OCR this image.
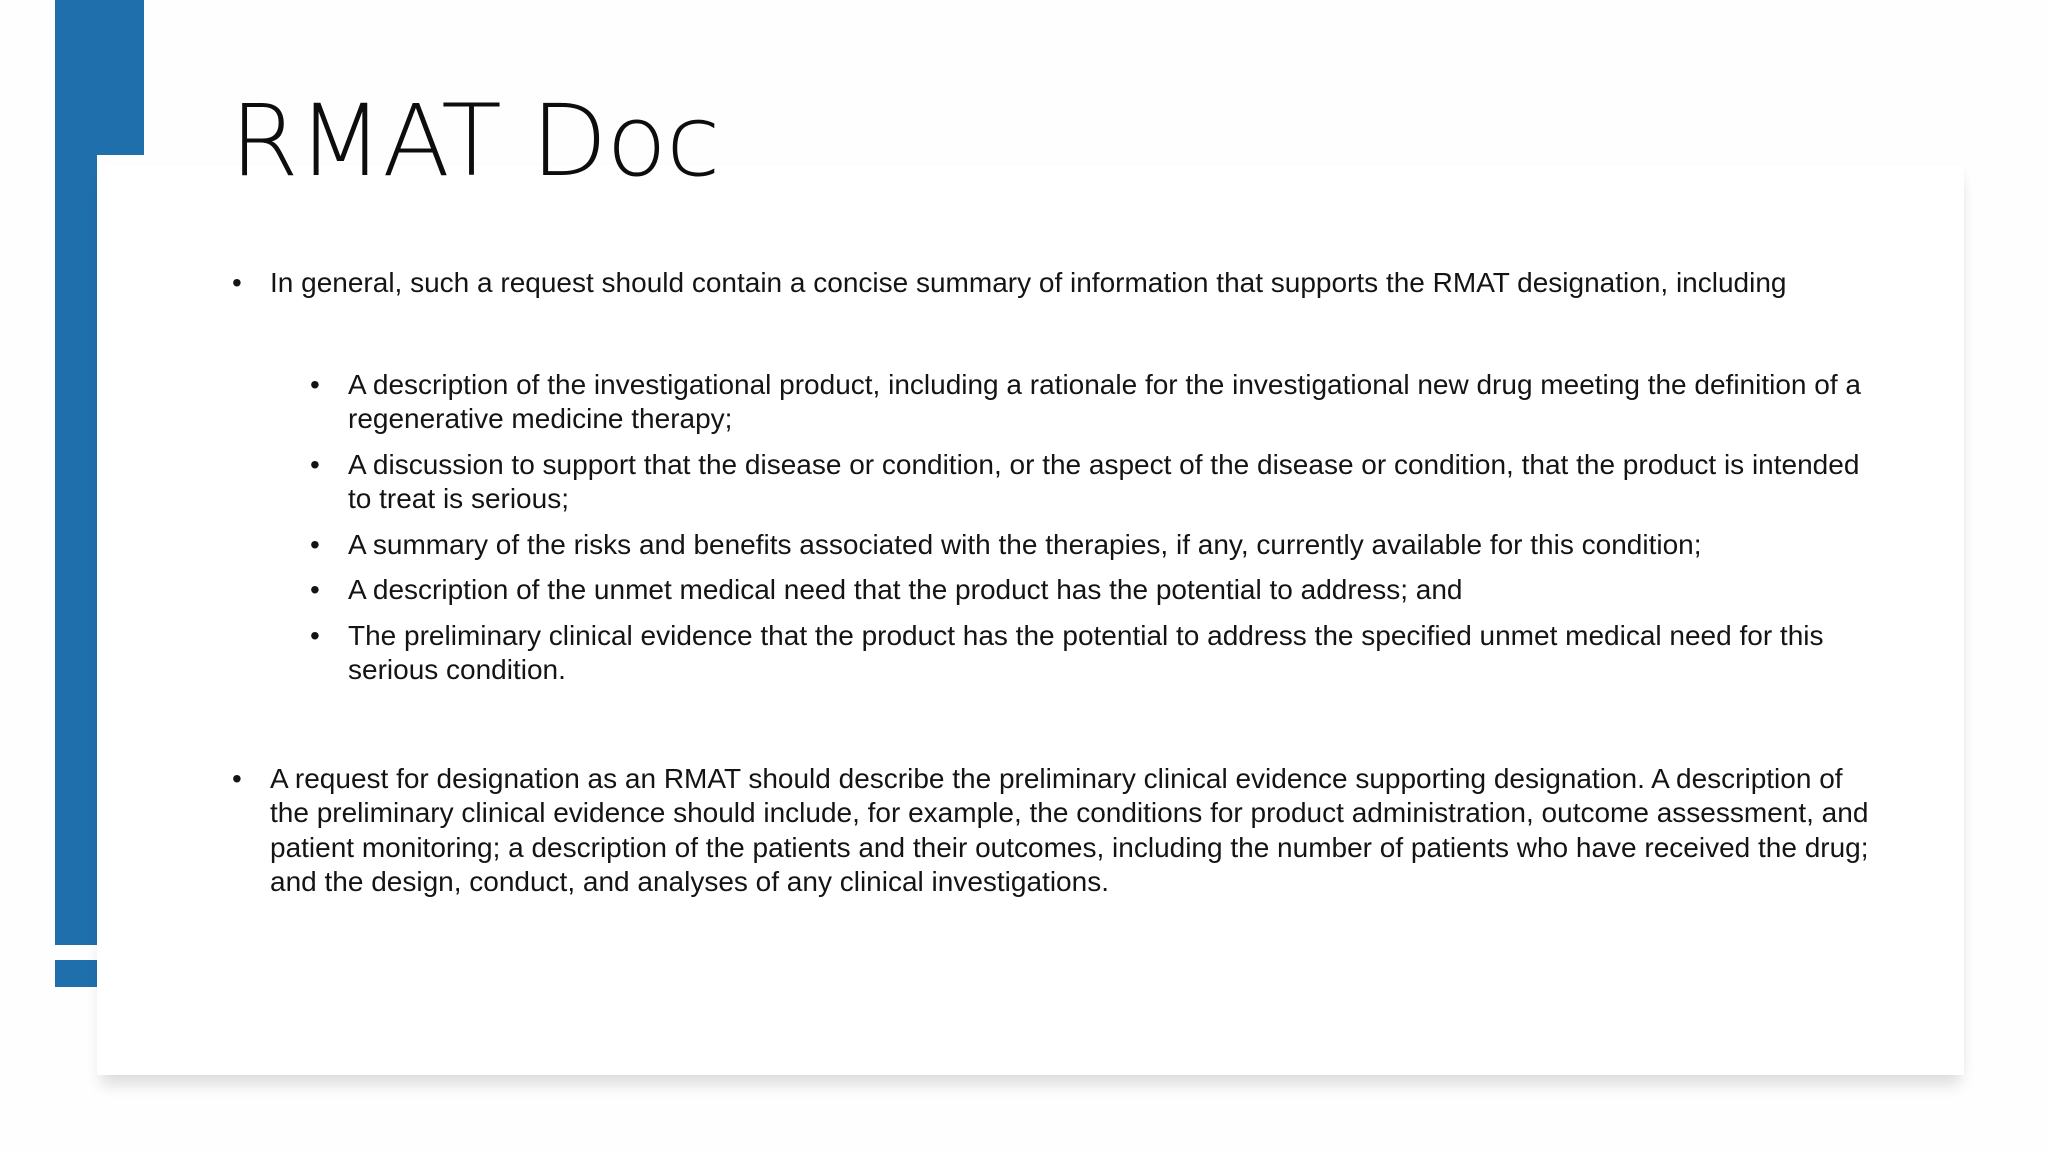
RMAT Doc
• In general, such a request should contain a concise summary of information that supports the RMAT designation, including
• A description of the investigational product, including a rationale for the investigational new drug meeting the definition of a regenerative medicine therapy;
• A discussion to support that the disease or condition, or the aspect of the disease or condition, that the product is intended to treat is serious;
• A summary of the risks and benefits associated with the therapies, if any, currently available for this condition;
• A description of the unmet medical need that the product has the potential to address; and
• The preliminary clinical evidence that the product has the potential to address the specified unmet medical need for this serious condition.
• A request for designation as an RMAT should describe the preliminary clinical evidence supporting designation. A description of the preliminary clinical evidence should include, for example, the conditions for product administration, outcome assessment, and patient monitoring; a description of the patients and their outcomes, including the number of patients who have received the drug; and the design, conduct, and analyses of any clinical investigations.
